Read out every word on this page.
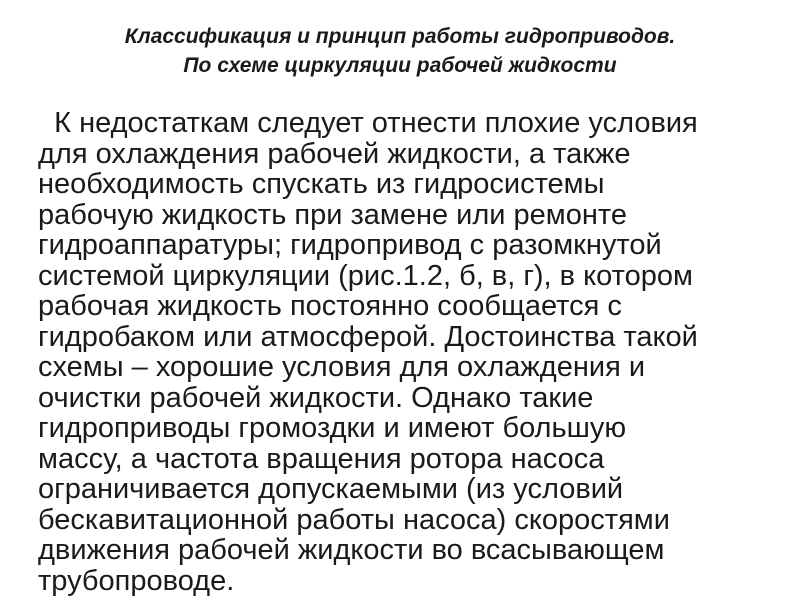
Классификация и принцип работы гидроприводов.
По схеме циркуляции рабочей жидкости
К недостаткам следует отнести плохие условия
для охлаждения рабочей жидкости, а также
необходимость спускать из гидросистемы
рабочую жидкость при замене или ремонте
гидроаппаратуры; гидропривод с разомкнутой
системой циркуляции (рис.1.2, б, в, г), в котором
рабочая жидкость постоянно сообщается с
гидробаком или атмосферой. Достоинства такой
схемы – хорошие условия для охлаждения и
очистки рабочей жидкости. Однако такие
гидроприводы громоздки и имеют большую
массу, а частота вращения ротора насоса
ограничивается допускаемыми (из условий
бескавитационной работы насоса) скоростями
движения рабочей жидкости во всасывающем
трубопроводе.
